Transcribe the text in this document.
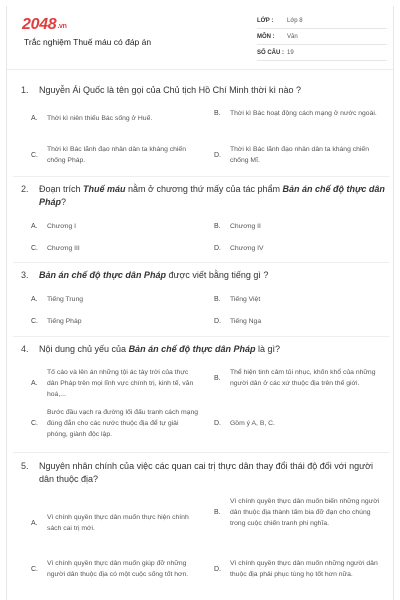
2048.vn
Trắc nghiệm Thuế máu có đáp án
LỚP :	Lớp 8
MÔN :	Văn
SỐ CÂU : 19
1.	Nguyễn Ái Quốc là tên gọi của Chủ tịch Hồ Chí Minh thời kì nào ?
A.	Thời kì niên thiếu Bác sống ở Huế.
B.	Thời kì Bác hoạt động cách mạng ở nước ngoài.
C.
Thời kì Bác lãnh đạo nhân dân ta kháng chiến chống Pháp.
D.
Thời kì Bác lãnh đạo nhân dân ta kháng chiến chống Mĩ.
2.	Đoạn trích Thuế máu nằm ở chương thứ mấy của tác phẩm Bản án chế độ thực dân Pháp?
A.	Chương I	B.	Chương II
C.	Chương III	D.	Chương IV
3.	Bản án chế độ thực dân Pháp được viết bằng tiếng gì ?
A.	Tiếng Trung	B.	Tiếng Việt
C.	Tiếng Pháp	D.	Tiếng Nga
4.	Nội dung chủ yếu của Bản án chế độ thực dân Pháp là gì?
A.
Tố cáo và lên án những tội ác tày trời của thực dân Pháp trên mọi lĩnh vực chính trị, kinh tế, văn hoá,...
B.
Thể hiện tinh cảm tủi nhục, khốn khổ của những người dân ở các xứ thuộc địa trên thế giới.
C.
Bước đầu vạch ra đường lối đấu tranh cách mạng đúng đắn cho các nước thuộc địa để tự giải phóng, giành độc lập.
D.	Gồm ý A, B, C.
5.	Nguyên nhân chính của việc các quan cai trị thực dân thay đổi thái độ đối với người dân thuộc địa?
A.
Vì chính quyền thực dân muốn thực hiện chính sách cai trị mới.
B.
Vì chính quyền thực dân muốn biến những người dân thuộc địa thành tấm bia đỡ đạn cho chúng trong cuộc chiến tranh phi nghĩa.
C.
Vì chính quyền thực dân muốn giúp đỡ những người dân thuộc địa có một cuộc sống tốt hơn.
D.
Vì chính quyền thực dân muốn những người dân thuộc địa phải phục tùng họ tốt hơn nữa.
